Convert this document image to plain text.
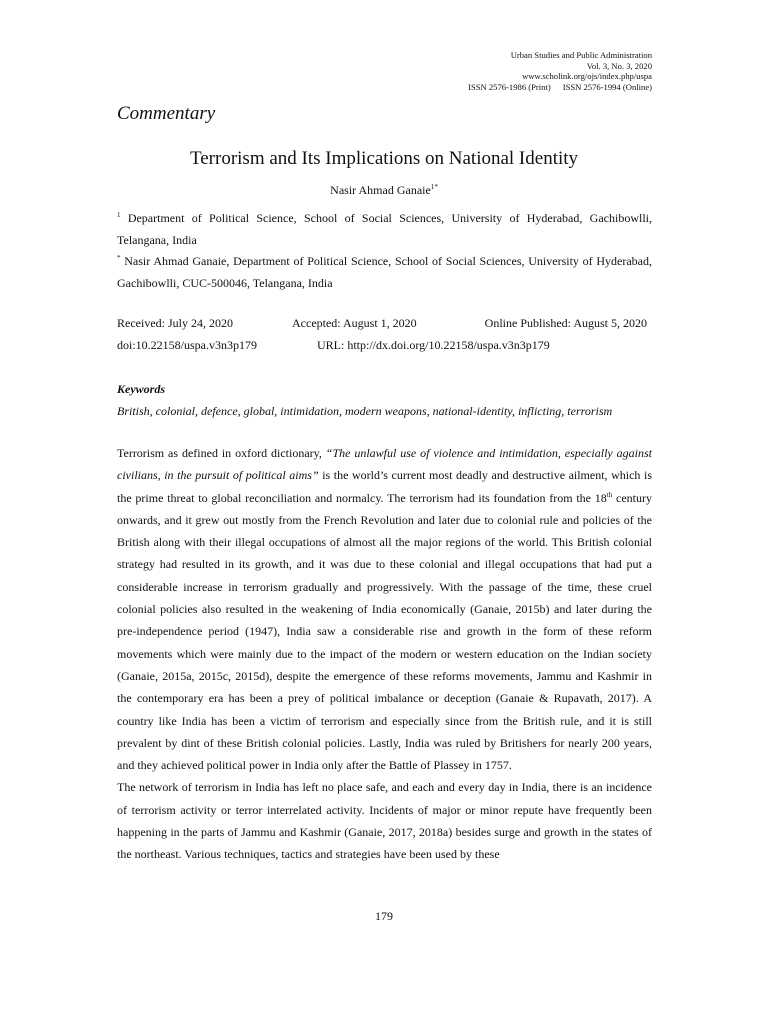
Urban Studies and Public Administration
Vol. 3, No. 3, 2020
www.scholink.org/ojs/index.php/uspa
ISSN 2576-1986 (Print) ISSN 2576-1994 (Online)
Commentary
Terrorism and Its Implications on National Identity
Nasir Ahmad Ganaie$^{1*}$
$^1$ Department of Political Science, School of Social Sciences, University of Hyderabad, Gachibowlli, Telangana, India
* Nasir Ahmad Ganaie, Department of Political Science, School of Social Sciences, University of Hyderabad, Gachibowlli, CUC-500046, Telangana, India
Received: July 24, 2020	Accepted: August 1, 2020	Online Published: August 5, 2020
doi:10.22158/uspa.v3n3p179	URL: http://dx.doi.org/10.22158/uspa.v3n3p179
Keywords
British, colonial, defence, global, intimidation, modern weapons, national-identity, inflicting, terrorism

Terrorism as defined in oxford dictionary, “The unlawful use of violence and intimidation, especially against civilians, in the pursuit of political aims” is the world’s current most deadly and destructive ailment, which is the prime threat to global reconciliation and normalcy. The terrorism had its foundation from the 18th century onwards, and it grew out mostly from the French Revolution and later due to colonial rule and policies of the British along with their illegal occupations of almost all the major regions of the world. This British colonial strategy had resulted in its growth, and it was due to these colonial and illegal occupations that had put a considerable increase in terrorism gradually and progressively. With the passage of the time, these cruel colonial policies also resulted in the weakening of India economically (Ganaie, 2015b) and later during the pre-independence period (1947), India saw a considerable rise and growth in the form of these reform movements which were mainly due to the impact of the modern or western education on the Indian society (Ganaie, 2015a, 2015c, 2015d), despite the emergence of these reforms movements, Jammu and Kashmir in the contemporary era has been a prey of political imbalance or deception (Ganaie & Rupavath, 2017). A country like India has been a victim of terrorism and especially since from the British rule, and it is still prevalent by dint of these British colonial policies. Lastly, India was ruled by Britishers for nearly 200 years, and they achieved political power in India only after the Battle of Plassey in 1757.

The network of terrorism in India has left no place safe, and each and every day in India, there is an incidence of terrorism activity or terror interrelated activity. Incidents of major or minor repute have frequently been happening in the parts of Jammu and Kashmir (Ganaie, 2017, 2018a) besides surge and growth in the states of the northeast. Various techniques, tactics and strategies have been used by these

179
